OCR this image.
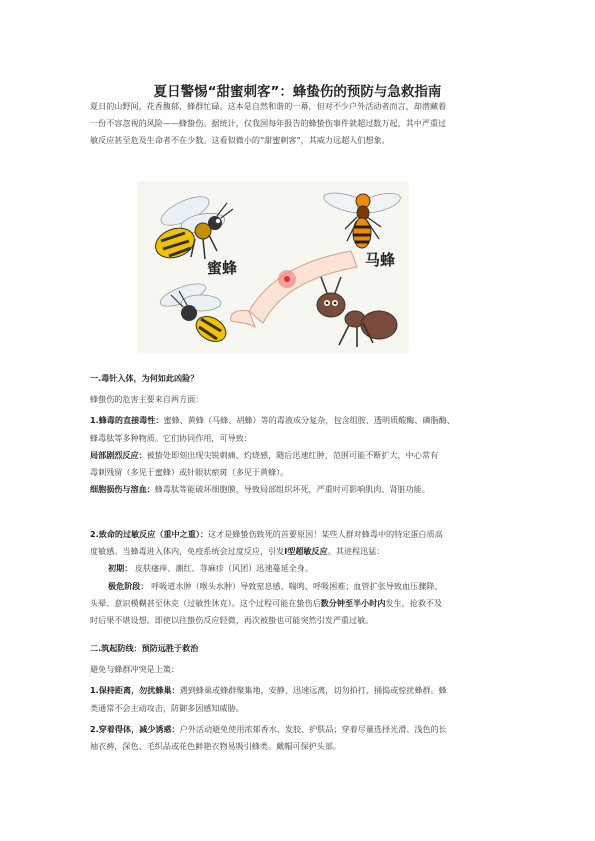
夏日警惕“甜蜜刺客”：蜂蛰伤的预防与急救指南
夏日的山野间，花香馥郁，蜂群忙碌。这本是自然和谐的一幕，但对不少户外活动者而言，却潜藏着
一份不容忽视的风险——蜂蛰伤。据统计，仅我国每年报告的蜂蛰伤事件就超过数万起，其中严重过
敏反应甚至危及生命者不在少数。这看似微小的“甜蜜刺客”，其威力远超人们想象。
蜜蜂	马蜂
一.毒针入体，为何如此凶险？
蜂蛰伤的危害主要来自两方面：
1.蜂毒的直接毒性：蜜蜂、黄蜂（马蜂、胡蜂）等的毒液成分复杂，包含组胺、透明质酸酶、磷脂酶、
蜂毒肽等多种物质。它们协同作用，可导致：
局部剧烈反应：被蛰处即刻出现尖锐刺痛、灼烧感，随后迅速红肿，范围可能不断扩大，中心常有
毒刺残留（多见于蜜蜂）或针眼状瘀斑（多见于黄蜂）。
细胞损伤与溶血：蜂毒肽等能破坏细胞膜，导致局部组织坏死，严重时可影响肌肉、肾脏功能。
2.致命的过敏反应（重中之重）：这才是蜂蛰伤致死的首要原因！某些人群对蜂毒中的特定蛋白质高
度敏感。当蜂毒进入体内，免疫系统会过度反应，引发I型超敏反应。其进程迅猛：
初期： 皮肤瘙痒、潮红、荨麻疹（风团）迅速蔓延全身。
极危阶段： 呼吸道水肿（喉头水肿）导致窒息感、喘鸣、呼吸困难；血管扩张导致血压骤降、
头晕、意识模糊甚至休克（过敏性休克）。这个过程可能在蛰伤后数分钟至半小时内发生，抢救不及
时后果不堪设想。即使以往蛰伤反应轻微，再次被蛰也可能突然引发严重过敏。
二.筑起防线：预防远胜于救治
避免与蜂群冲突是上策：
1.保持距离，勿扰蜂巢：遇到蜂巢或蜂群聚集地，安静、迅速远离，切勿拍打、捅捣或惊扰蜂群。蜂
类通常不会主动攻击，防御多因感知威胁。
2.穿着得体，减少诱惑：户外活动避免使用浓郁香水、发胶、护肤品；穿着尽量选择光滑、浅色的长
袖衣裤，深色、毛织品或花色鲜艳衣物易吸引蜂类。戴帽可保护头部。
